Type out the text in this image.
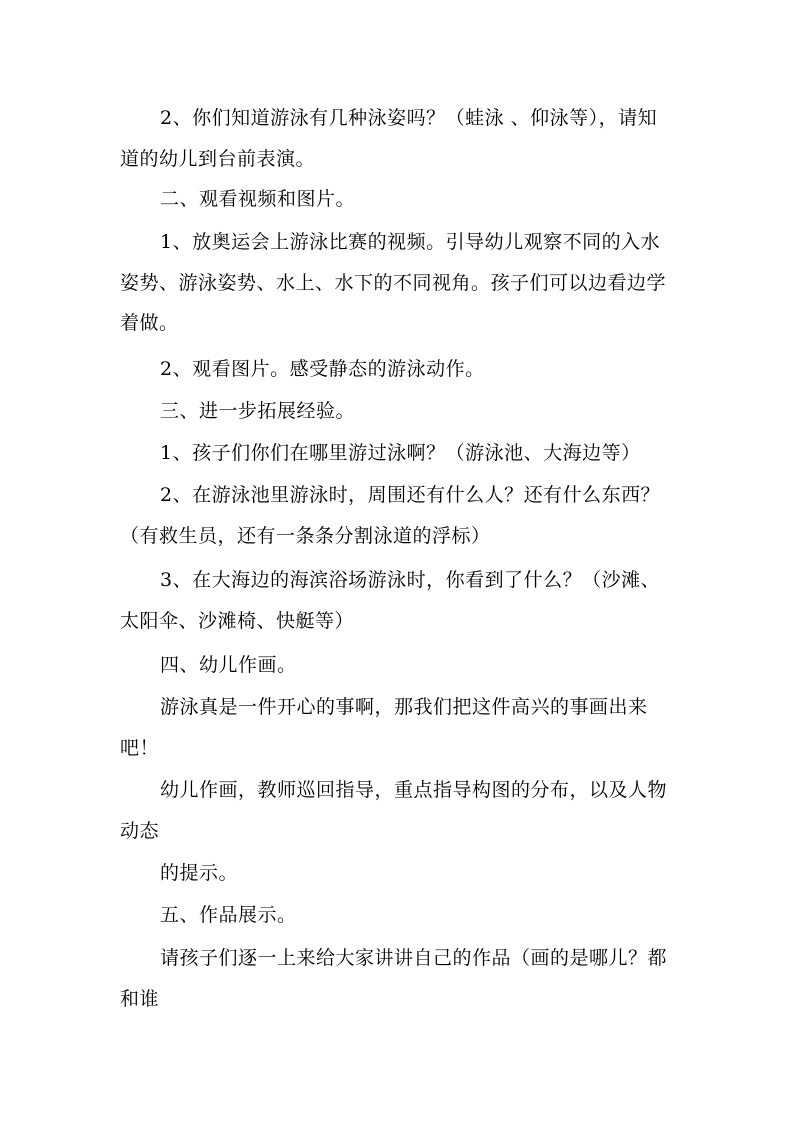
2、你们知道游泳有几种泳姿吗？（蛙泳 、仰泳等），请知道的幼儿到台前表演。

二、观看视频和图片。

1、放奥运会上游泳比赛的视频。引导幼儿观察不同的入水姿势、游泳姿势、水上、水下的不同视角。孩子们可以边看边学着做。

2、观看图片。感受静态的游泳动作。

三、进一步拓展经验。

1、孩子们你们在哪里游过泳啊？（游泳池、大海边等）

2、在游泳池里游泳时，周围还有什么人？还有什么东西？（有救生员，还有一条条分割泳道的浮标）

3、在大海边的海滨浴场游泳时，你看到了什么？（沙滩、太阳伞、沙滩椅、快艇等）

四、幼儿作画。

游泳真是一件开心的事啊，那我们把这件高兴的事画出来吧！

幼儿作画，教师巡回指导，重点指导构图的分布，以及人物动态

的提示。

五、作品展示。

请孩子们逐一上来给大家讲讲自己的作品（画的是哪儿？都和谁
